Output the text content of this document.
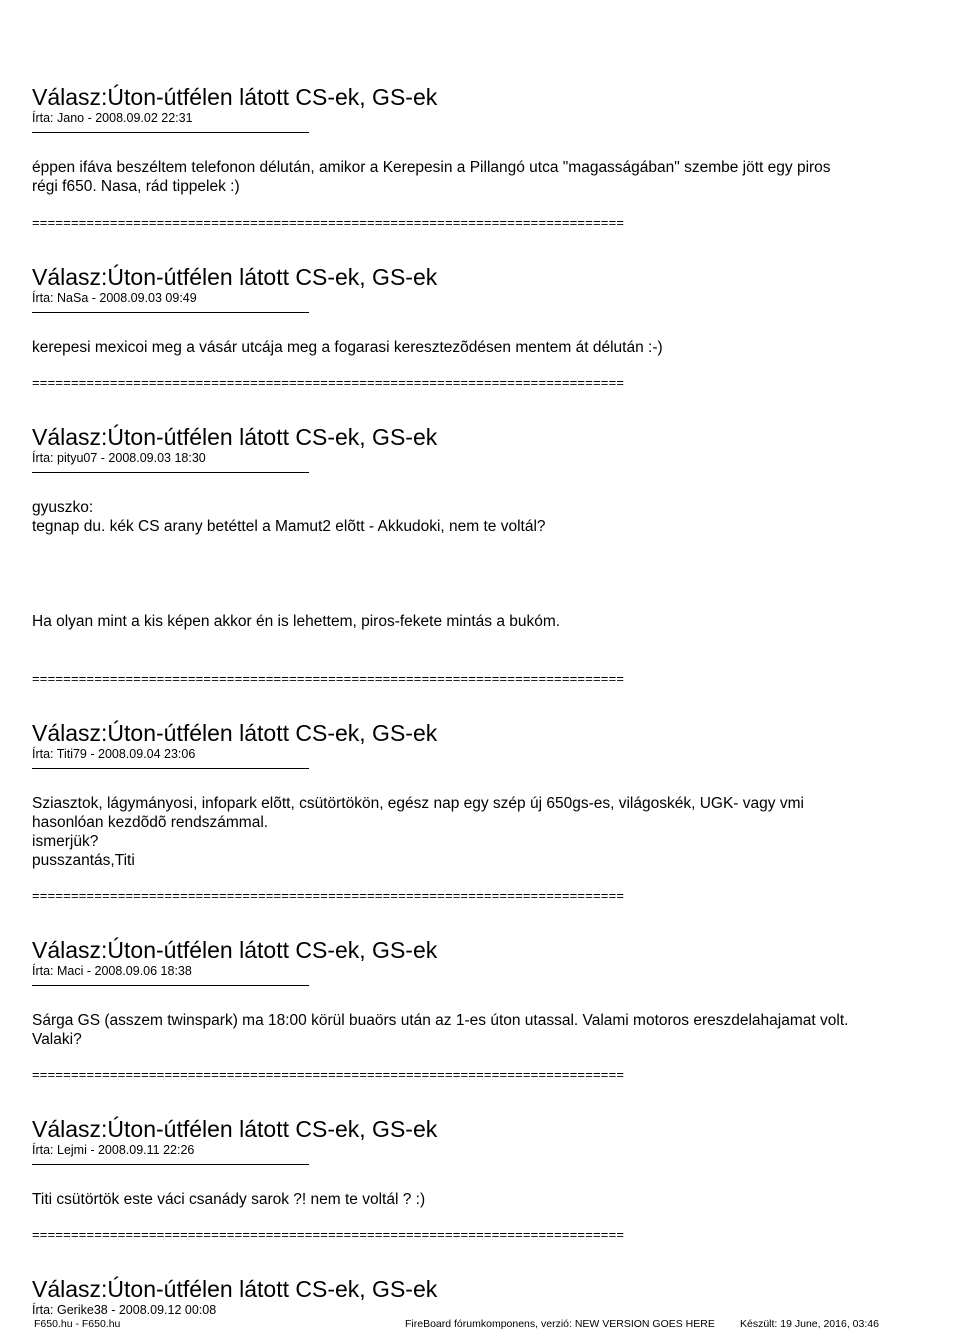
Válasz:Úton-útfélen látott CS-ek, GS-ek
Írta: Jano - 2008.09.02 22:31
éppen ifáva beszéltem telefonon délután, amikor a Kerepesin a Pillangó utca "magasságában" szembe jött egy piros
régi f650. Nasa, rád tippelek :)
============================================================================
Válasz:Úton-útfélen látott CS-ek, GS-ek
Írta: NaSa - 2008.09.03 09:49
kerepesi mexicoi meg a vásár utcája meg a fogarasi keresztezõdésen mentem át délután :-)
============================================================================
Válasz:Úton-útfélen látott CS-ek, GS-ek
Írta: pityu07 - 2008.09.03 18:30
gyuszko:
tegnap du. kék CS arany betéttel a Mamut2 elõtt - Akkudoki, nem te voltál?

Ha olyan mint a kis képen akkor én is lehettem, piros-fekete mintás a bukóm.
============================================================================
Válasz:Úton-útfélen látott CS-ek, GS-ek
Írta: Titi79 - 2008.09.04 23:06
Sziasztok, lágymányosi, infopark elõtt, csütörtökön, egész nap egy szép új 650gs-es, világoskék, UGK- vagy vmi
hasonlóan kezdõdõ rendszámmal.
ismerjük?
pusszantás,Titi
============================================================================
Válasz:Úton-útfélen látott CS-ek, GS-ek
Írta: Maci - 2008.09.06 18:38
Sárga GS (asszem twinspark) ma 18:00 körül buaörs után az 1-es úton utassal. Valami motoros ereszdelahajamat volt.
Valaki?
============================================================================
Válasz:Úton-útfélen látott CS-ek, GS-ek
Írta: Lejmi - 2008.09.11 22:26
Titi csütörtök este váci csanády sarok ?! nem te voltál ? :)
============================================================================
Válasz:Úton-útfélen látott CS-ek, GS-ek
Írta: Gerike38 - 2008.09.12 00:08
F650.hu - F650.hu	FireBoard fórumkomponens, verzió: NEW VERSION GOES HERE Készült: 19 June, 2016, 03:46
